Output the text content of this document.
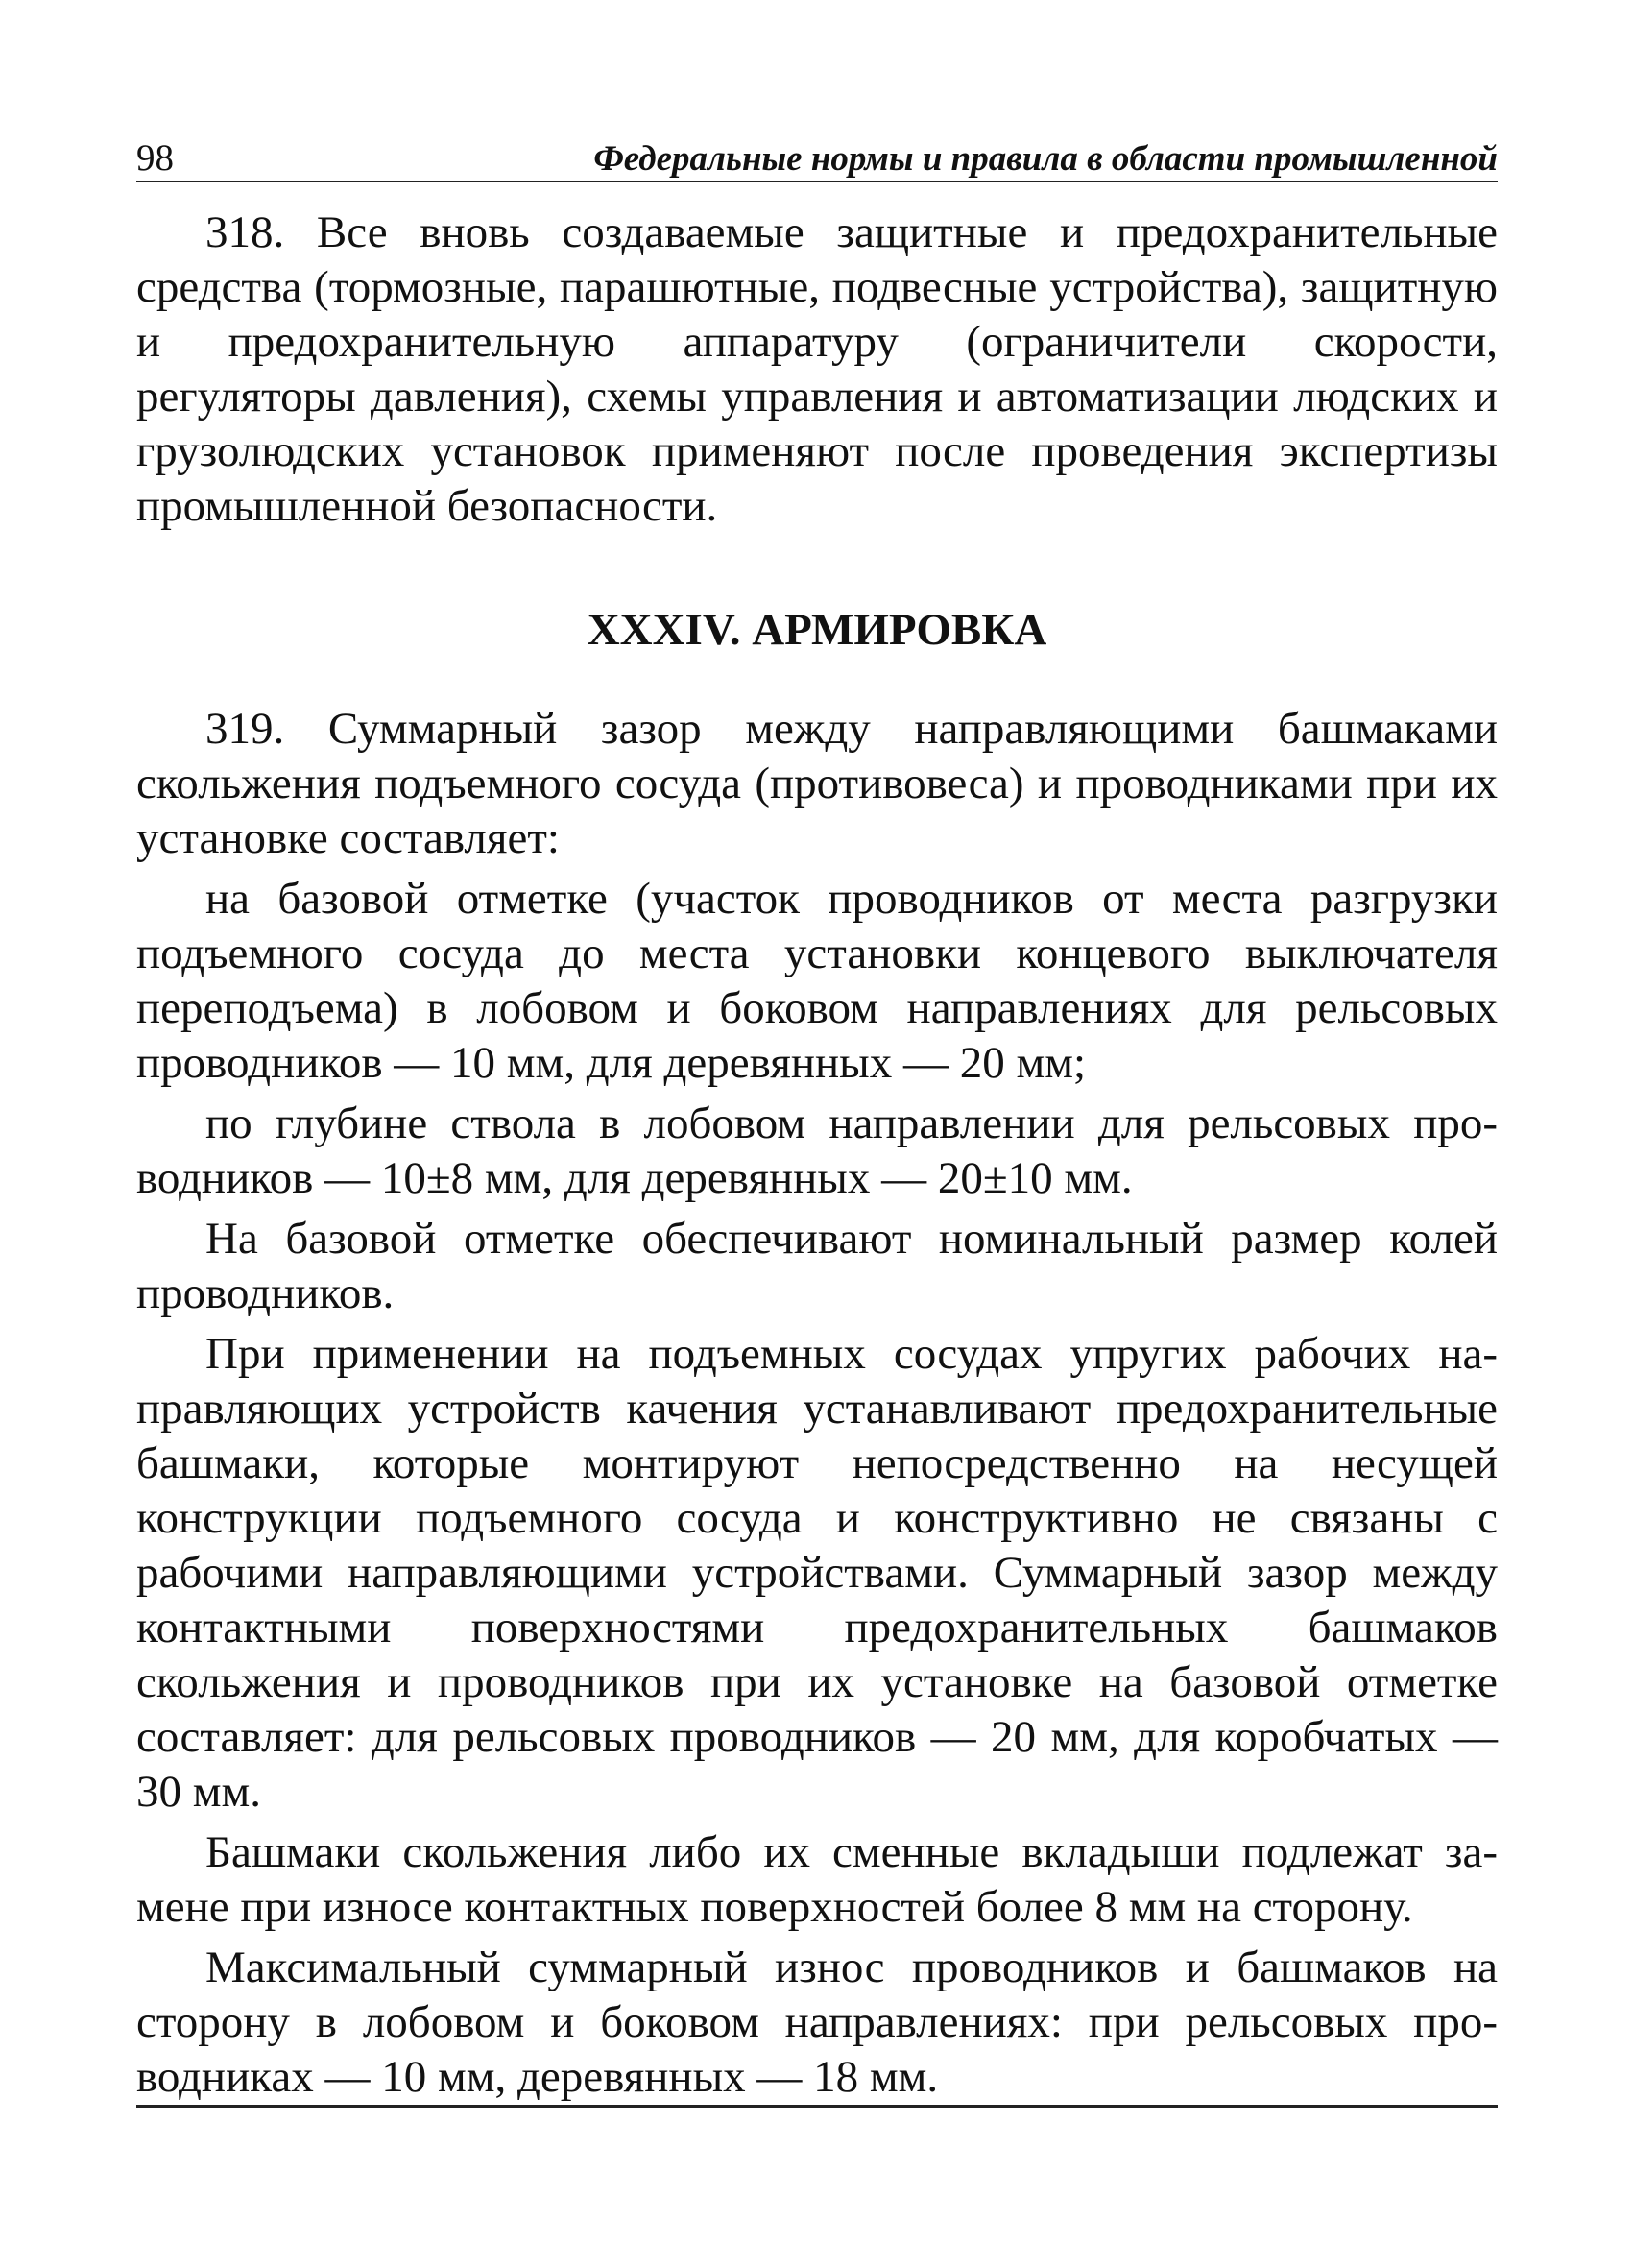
98	Федеральные нормы и правила в области промышленной

318. Все вновь создаваемые защитные и предохранительные средства (тормозные, парашютные, подвесные устройства), защитную и предохранительную аппаратуру (ограничители скорости, регуляторы давления), схемы управления и автоматизации людских и грузолюдских установок применяют после проведения экспертизы промышленной безопасности.

XXXIV. АРМИРОВКА

319. Суммарный зазор между направляющими башмаками скольжения подъемного сосуда (противовеса) и проводниками при их установке составляет:

на базовой отметке (участок проводников от места разгрузки подъемного сосуда до места установки концевого выключателя переподъема) в лобовом и боковом направлениях для рельсовых проводников — 10 мм, для деревянных — 20 мм;

по глубине ствола в лобовом направлении для рельсовых проводников — 10±8 мм, для деревянных — 20±10 мм.

На базовой отметке обеспечивают номинальный размер колей проводников.

При применении на подъемных сосудах упругих рабочих направляющих устройств качения устанавливают предохранительные башмаки, которые монтируют непосредственно на несущей конструкции подъемного сосуда и конструктивно не связаны с рабочими направляющими устройствами. Суммарный зазор между контактными поверхностями предохранительных башмаков скольжения и проводников при их установке на базовой отметке составляет: для рельсовых проводников — 20 мм, для коробчатых — 30 мм.

Башмаки скольжения либо их сменные вкладыши подлежат замене при износе контактных поверхностей более 8 мм на сторону.

Максимальный суммарный износ проводников и башмаков на сторону в лобовом и боковом направлениях: при рельсовых проводниках — 10 мм, деревянных — 18 мм.
